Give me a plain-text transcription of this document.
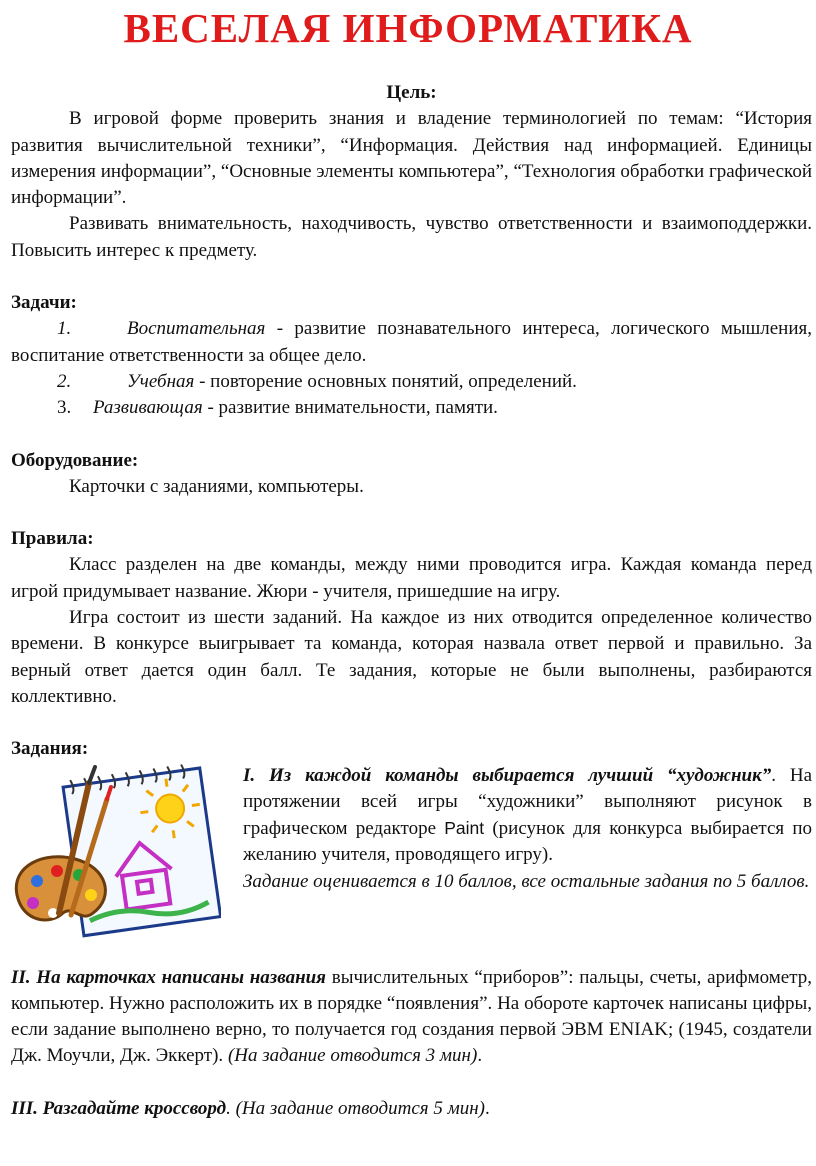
ВЕСЕЛАЯ ИНФОРМАТИКА

Цель:

В игровой форме проверить знания и владение терминологией по темам: “История развития вычислительной техники”, “Информация. Действия над информацией. Единицы измерения информации”, “Основные элементы компьютера”, “Технология обработки графической информации”.

Развивать внимательность, находчивость, чувство ответственности и взаимоподдержки. Повысить интерес к предмету.

Задачи:

1.	Воспитательная - развитие познавательного интереса, логического мышления, воспитание ответственности за общее дело.

2.	Учебная - повторение основных понятий, определений.

3. Развивающая - развитие внимательности, памяти.

Оборудование:

Карточки с заданиями, компьютеры.

Правила:

Класс разделен на две команды, между ними проводится игра. Каждая команда перед игрой придумывает название. Жюри - учителя, пришедшие на игру.

Игра состоит из шести заданий. На каждое из них отводится определенное количество времени. В конкурсе выигрывает та команда, которая назвала ответ первой и правильно. За верный ответ дается один балл. Те задания, которые не были выполнены, разбираются коллективно.

Задания:

I. Из каждой команды выбирается лучший “художник”. На протяжении всей игры “художники” выполняют рисунок в графическом редакторе Paint (рисунок для конкурса выбирается по желанию учителя, проводящего игру).

Задание оценивается в 10 баллов, все остальные задания по 5 баллов.

II. На карточках написаны названия вычислительных “приборов”: пальцы, счеты, арифмометр, компьютер. Нужно расположить их в порядке “появления”. На обороте карточек написаны цифры, если задание выполнено верно, то получается год создания первой ЭВМ ENIAK; (1945, создатели Дж. Моучли, Дж. Эккерт). (На задание отводится 3 мин).

III. Разгадайте кроссворд. (На задание отводится 5 мин).
